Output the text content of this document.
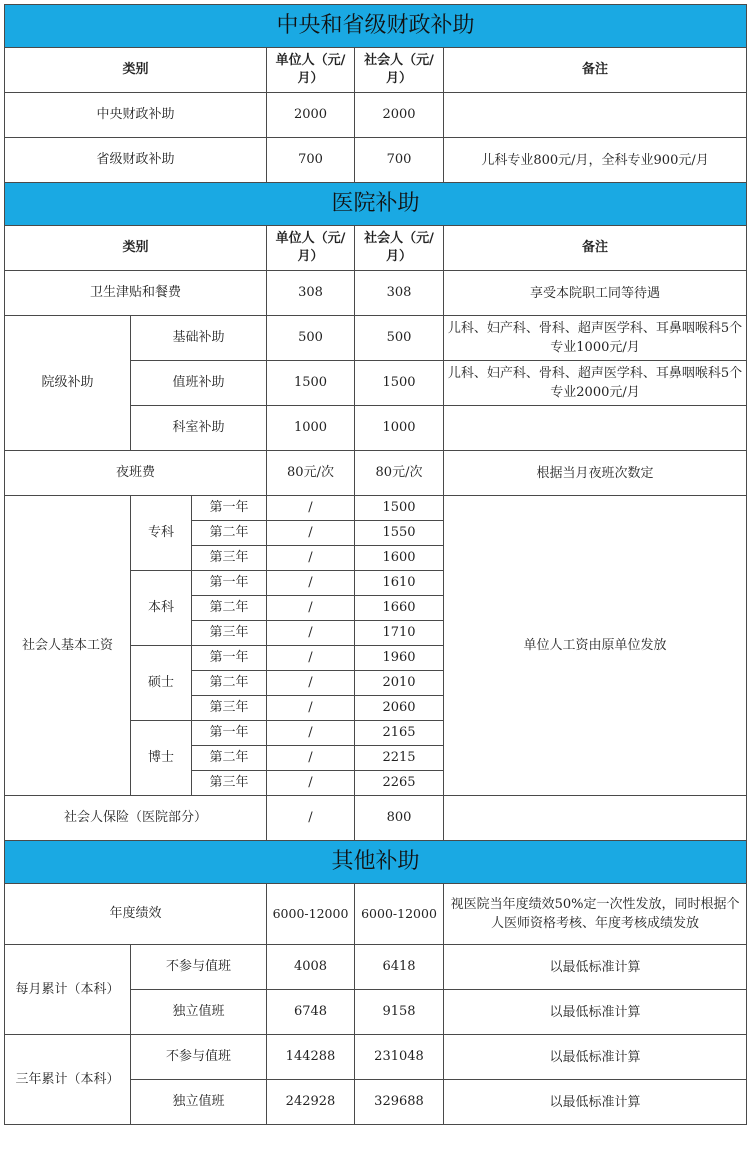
中央和省级财政补助					
类别			单位人（元/月）	社会人（元/月）	备注
中央财政补助			2000	2000	
省级财政补助			700	700	儿科专业800元/月，全科专业900元/月
医院补助					
类别			单位人（元/月）	社会人（元/月）	备注
卫生津贴和餐费			308	308	享受本院职工同等待遇
院级补助	基础补助		500	500	儿科、妇产科、骨科、超声医学科、耳鼻咽喉科5个专业1000元/月
	值班补助		1500	1500	儿科、妇产科、骨科、超声医学科、耳鼻咽喉科5个专业2000元/月
	科室补助		1000	1000	
夜班费			80元/次	80元/次	根据当月夜班次数定
社会人基本工资	专科	第一年	/	1500	单位人工资由原单位发放
		第二年	/	1550	
		第三年	/	1600	
	本科	第一年	/	1610	
		第二年	/	1660	
		第三年	/	1710	
	硕士	第一年	/	1960	
		第二年	/	2010	
		第三年	/	2060	
	博士	第一年	/	2165	
		第二年	/	2215	
		第三年	/	2265	
社会人保险（医院部分）			/	800	
其他补助					
年度绩效			6000-12000	6000-12000	视医院当年度绩效50%定一次性发放，同时根据个人医师资格考核、年度考核成绩发放
每月累计（本科）	不参与值班		4008	6418	以最低标准计算
	独立值班		6748	9158	以最低标准计算
三年累计（本科）	不参与值班		144288	231048	以最低标准计算
	独立值班		242928	329688	以最低标准计算
